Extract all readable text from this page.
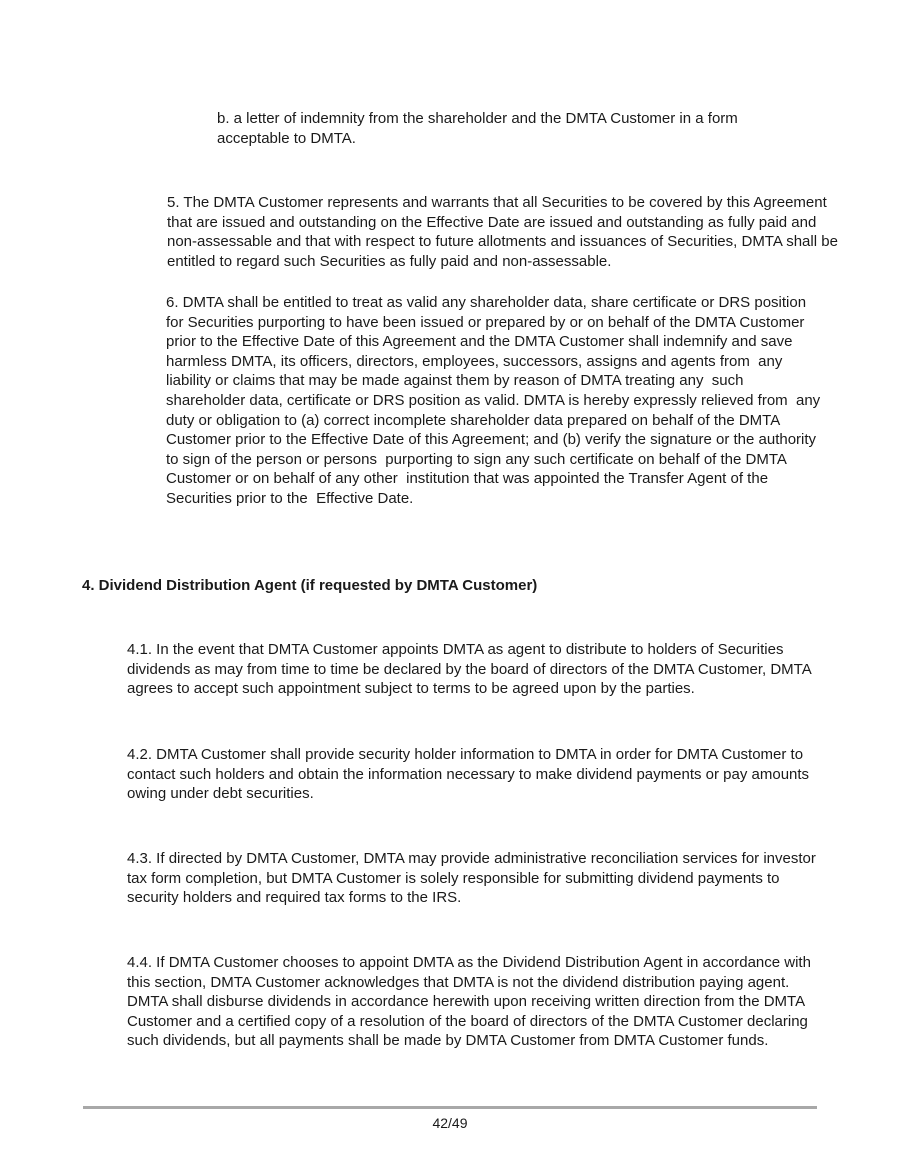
b. a letter of indemnity from the shareholder and the DMTA Customer in a form acceptable to DMTA.

5. The DMTA Customer represents and warrants that all Securities to be covered by this Agreement that are issued and outstanding on the Effective Date are issued and outstanding as fully paid and non-assessable and that with respect to future allotments and issuances of Securities, DMTA shall be entitled to regard such Securities as fully paid and non-assessable.

6. DMTA shall be entitled to treat as valid any shareholder data, share certificate or DRS position for Securities purporting to have been issued or prepared by or on behalf of the DMTA Customer prior to the Effective Date of this Agreement and the DMTA Customer shall indemnify and save harmless DMTA, its officers, directors, employees, successors, assigns and agents from  any liability or claims that may be made against them by reason of DMTA treating any  such shareholder data, certificate or DRS position as valid. DMTA is hereby expressly relieved from  any duty or obligation to (a) correct incomplete shareholder data prepared on behalf of the DMTA Customer prior to the Effective Date of this Agreement; and (b) verify the signature or the authority to sign of the person or persons  purporting to sign any such certificate on behalf of the DMTA Customer or on behalf of any other  institution that was appointed the Transfer Agent of the Securities prior to the  Effective Date.

4. Dividend Distribution Agent (if requested by DMTA Customer)

4.1. In the event that DMTA Customer appoints DMTA as agent to distribute to holders of Securities dividends as may from time to time be declared by the board of directors of the DMTA Customer, DMTA agrees to accept such appointment subject to terms to be agreed upon by the parties.

4.2. DMTA Customer shall provide security holder information to DMTA in order for DMTA Customer to contact such holders and obtain the information necessary to make dividend payments or pay amounts owing under debt securities.

4.3. If directed by DMTA Customer, DMTA may provide administrative reconciliation services for investor tax form completion, but DMTA Customer is solely responsible for submitting dividend payments to security holders and required tax forms to the IRS.

4.4. If DMTA Customer chooses to appoint DMTA as the Dividend Distribution Agent in accordance with this section, DMTA Customer acknowledges that DMTA is not the dividend distribution paying agent. DMTA shall disburse dividends in accordance herewith upon receiving written direction from the DMTA Customer and a certified copy of a resolution of the board of directors of the DMTA Customer declaring such dividends, but all payments shall be made by DMTA Customer from DMTA Customer funds.

42/49
